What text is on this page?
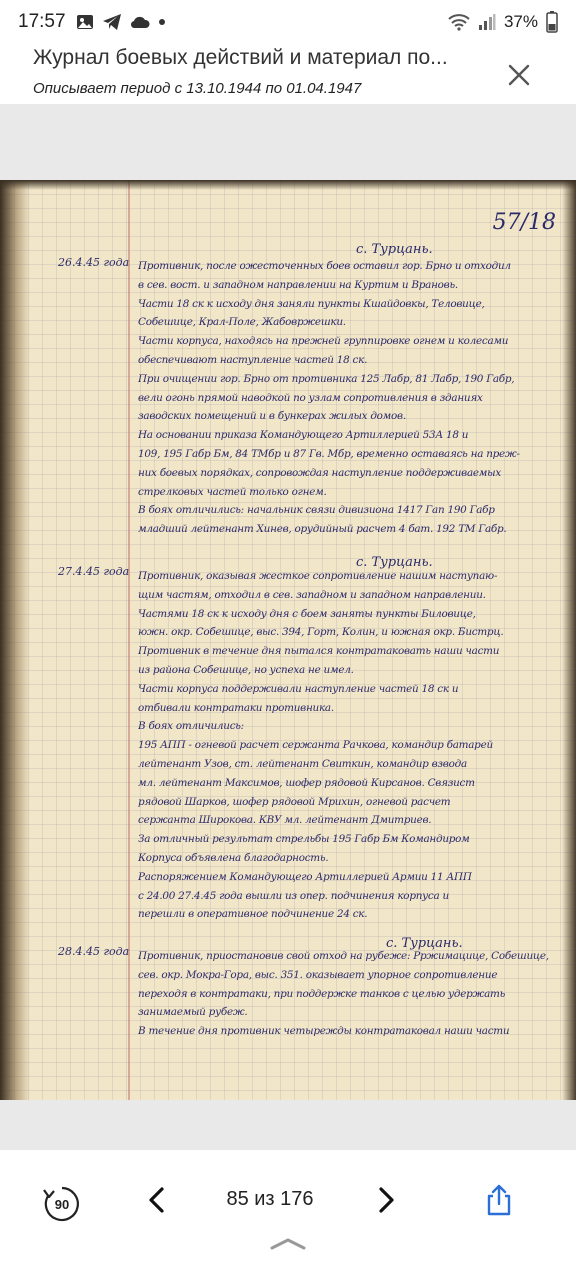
17:57	37%
Журнал боевых действий и материал по...
Описывает период с 13.10.1944 по 01.04.1947
57/18
26.4.45 года
с. Турцань.
Противник, после ожесточенных боев оставил гор. Брно и отходил
в сев. вост. и западном направлении на Куртим и Врановь.
Части 18 ск к исходу дня заняли пункты Кшайдовкы, Теловице,
Собешице, Крал-Поле, Жабовржешки.
Части корпуса, находясь на прежней группировке огнем и колесами
обеспечивают наступление частей 18 ск.
При очищении гор. Брно от противника 125 Лабр, 81 Лабр, 190 Габр,
вели огонь прямой наводкой по узлам сопротивления в зданиях
заводских помещений и в бункерах жилых домов.
На основании приказа Командующего Артиллерией 53А 18 и
109, 195 Габр Бм, 84 ТМбр и 87 Гв. Мбр, временно оставаясь на преж-
них боевых порядках, сопровождая наступление поддерживаемых
стрелковых частей только огнем.
В боях отличились: начальник связи дивизиона 1417 Гап 190 Габр
младший лейтенант Хинев, орудийный расчет 4 бат. 192 ТМ Габр.
27.4.45 года
с. Турцань.
Противник, оказывая жесткое сопротивление нашим наступаю-
щим частям, отходил в сев. западном и западном направлении.
Частями 18 ск к исходу дня с боем заняты пункты Биловице,
южн. окр. Собешице, выс. 394, Горт, Колин, и южная окр. Бистрц.
Противник в течение дня пытался контратаковать наши части
из района Собешице, но успеха не имел.
Части корпуса поддерживали наступление частей 18 ск и
отбивали контратаки противника.
В боях отличились:
195 АПП - огневой расчет сержанта Рачкова, командир батарей
лейтенант Узов, ст. лейтенант Свиткин, командир взвода
мл. лейтенант Максимов, шофер рядовой Кирсанов. Связист
рядовой Шарков, шофер рядовой Мрихин, огневой расчет
сержанта Широкова. КВУ мл. лейтенант Дмитриев.
За отличный результат стрельбы 195 Габр Бм Командиром
Корпуса объявлена благодарность.
Распоряжением Командующего Артиллерией Армии 11 АПП
с 24.00 27.4.45 года вышли из опер. подчинения корпуса и
перешли в оперативное подчинение 24 ск.
28.4.45 года
с. Турцань.
Противник, приостановив свой отход на рубеже: Рржимацице, Собешице,
сев. окр. Мокра-Гора, выс. 351. оказывает упорное сопротивление
переходя в контратаки, при поддержке танков с целью удержать
занимаемый рубеж.
В течение дня противник четырежды контратаковал наши части
90	85 из 176
